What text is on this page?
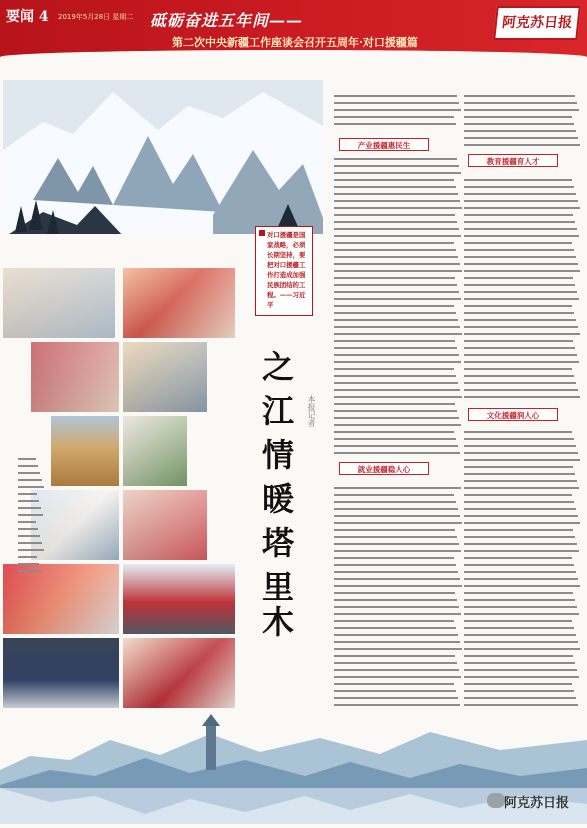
要闻 4 2019年5月28日 星期二 砥砺奋进五年间——
第二次中央新疆工作座谈会召开五周年·对口援疆篇
阿克苏日报
对口援疆是国家战略，必须长期坚持，要把对口援疆工作打造成加强民族团结的工程。——习近平
之
江
情
暖
塔
里
木
本报记者
产业援疆惠民生
教育援疆育人才
就业援疆稳人心
文化援疆润人心
阿克苏日报
